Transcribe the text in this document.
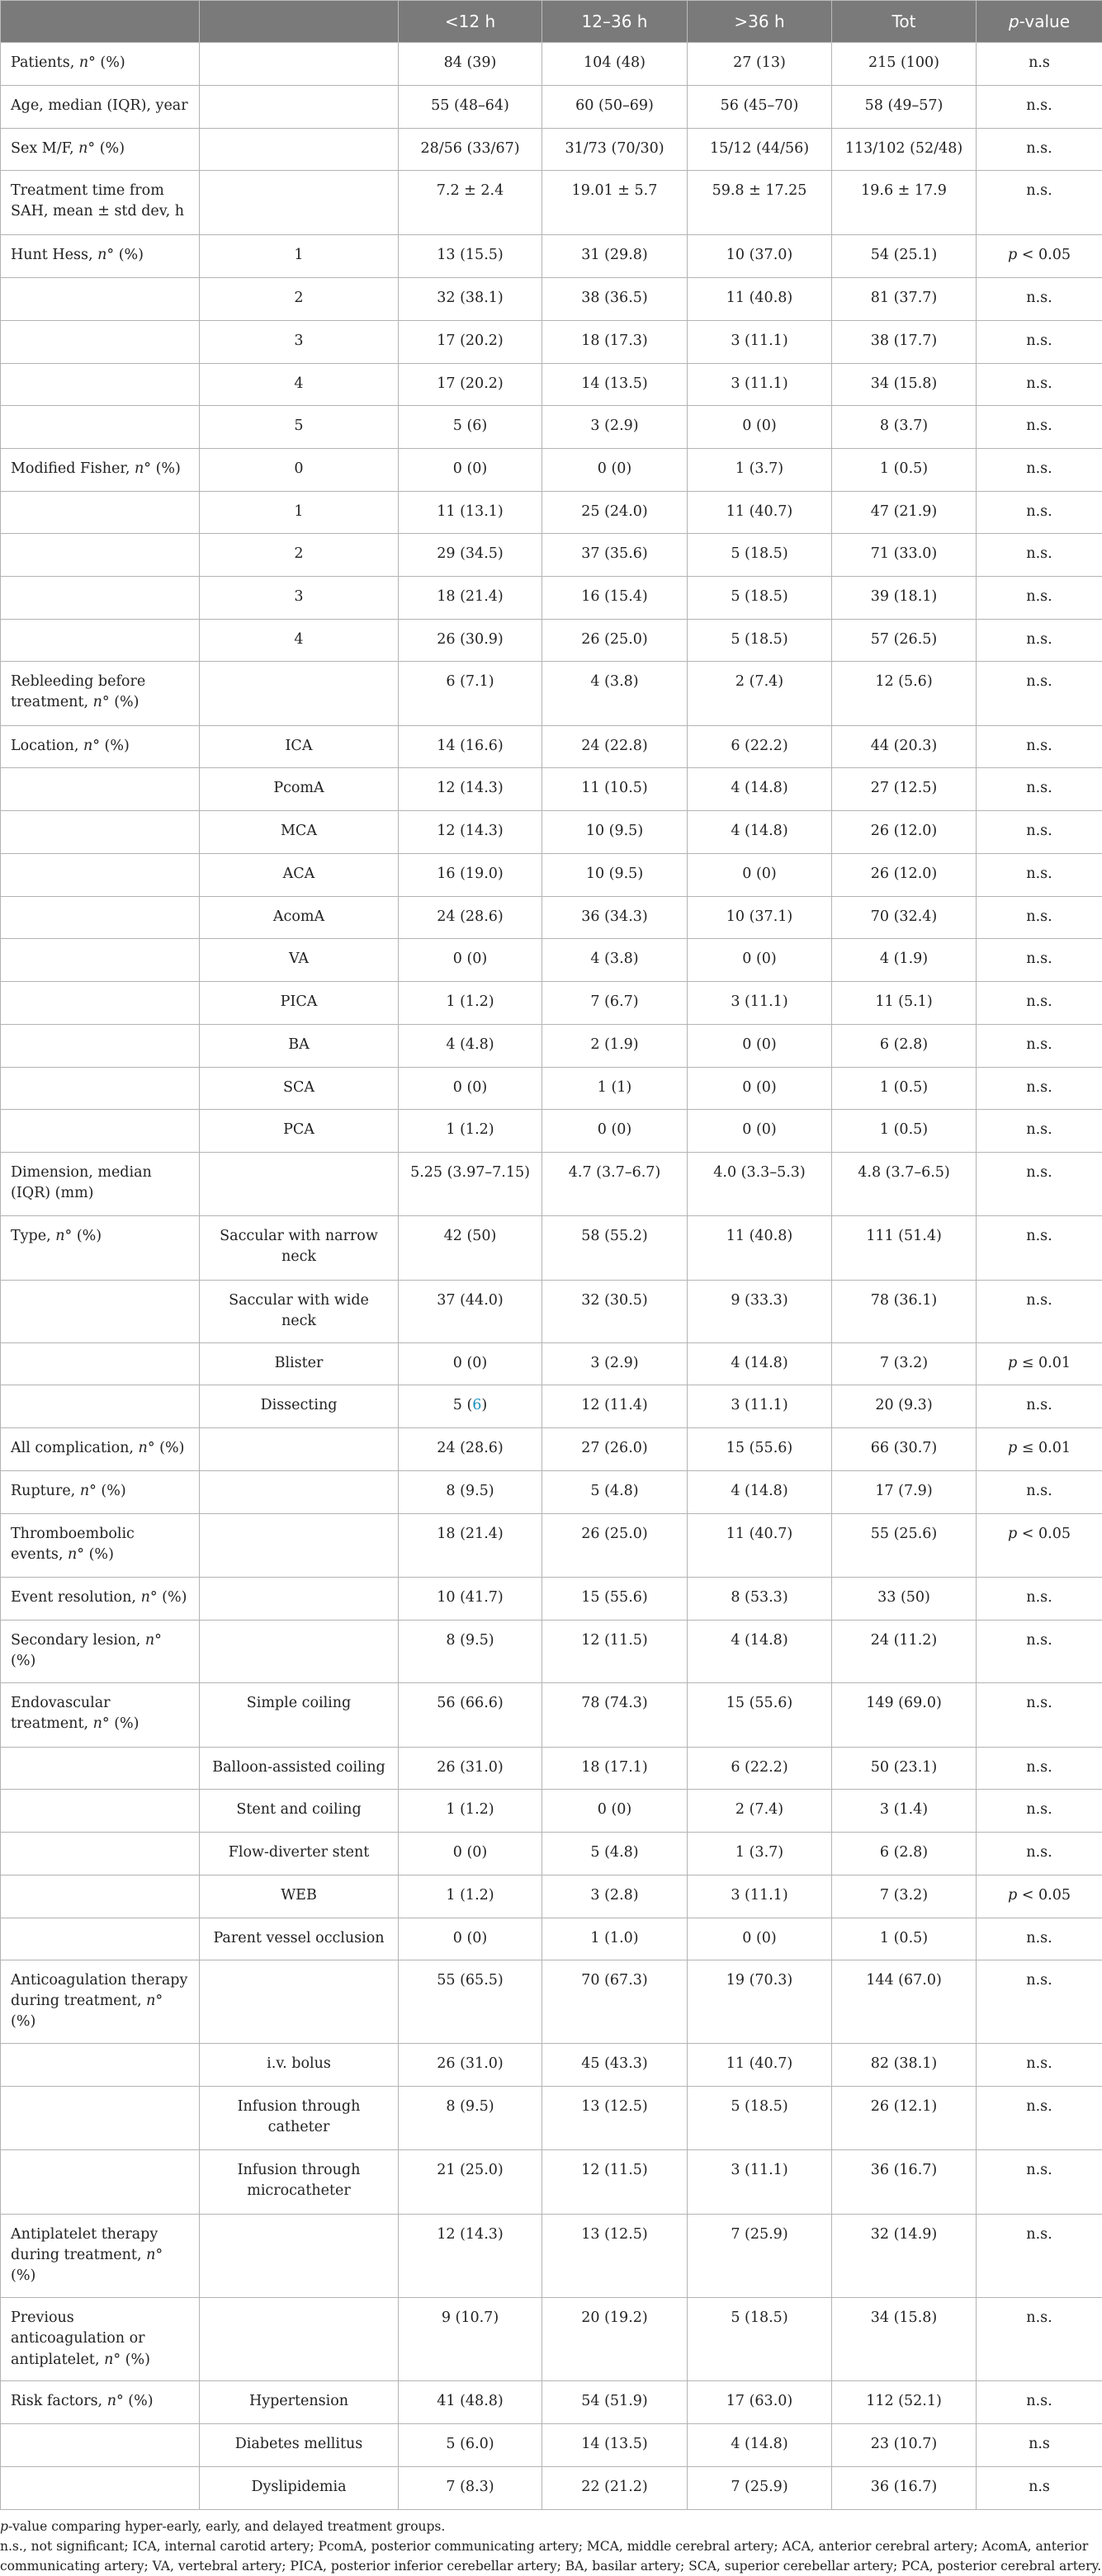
		<12 h	12–36 h	>36 h	Tot	p-value
Patients, n° (%)		84 (39)	104 (48)	27 (13)	215 (100)	n.s
Age, median (IQR), year		55 (48–64)	60 (50–69)	56 (45–70)	58 (49–57)	n.s.
Sex M/F, n° (%)		28/56 (33/67)	31/73 (70/30)	15/12 (44/56)	113/102 (52/48)	n.s.
Treatment time from SAH, mean ± std dev, h		7.2 ± 2.4	19.01 ± 5.7	59.8 ± 17.25	19.6 ± 17.9	n.s.
Hunt Hess, n° (%)	1	13 (15.5)	31 (29.8)	10 (37.0)	54 (25.1)	p < 0.05
	2	32 (38.1)	38 (36.5)	11 (40.8)	81 (37.7)	n.s.
	3	17 (20.2)	18 (17.3)	3 (11.1)	38 (17.7)	n.s.
	4	17 (20.2)	14 (13.5)	3 (11.1)	34 (15.8)	n.s.
	5	5 (6)	3 (2.9)	0 (0)	8 (3.7)	n.s.
Modified Fisher, n° (%)	0	0 (0)	0 (0)	1 (3.7)	1 (0.5)	n.s.
	1	11 (13.1)	25 (24.0)	11 (40.7)	47 (21.9)	n.s.
	2	29 (34.5)	37 (35.6)	5 (18.5)	71 (33.0)	n.s.
	3	18 (21.4)	16 (15.4)	5 (18.5)	39 (18.1)	n.s.
	4	26 (30.9)	26 (25.0)	5 (18.5)	57 (26.5)	n.s.
Rebleeding before treatment, n° (%)		6 (7.1)	4 (3.8)	2 (7.4)	12 (5.6)	n.s.
Location, n° (%)	ICA	14 (16.6)	24 (22.8)	6 (22.2)	44 (20.3)	n.s.
	PcomA	12 (14.3)	11 (10.5)	4 (14.8)	27 (12.5)	n.s.
	MCA	12 (14.3)	10 (9.5)	4 (14.8)	26 (12.0)	n.s.
	ACA	16 (19.0)	10 (9.5)	0 (0)	26 (12.0)	n.s.
	AcomA	24 (28.6)	36 (34.3)	10 (37.1)	70 (32.4)	n.s.
	VA	0 (0)	4 (3.8)	0 (0)	4 (1.9)	n.s.
	PICA	1 (1.2)	7 (6.7)	3 (11.1)	11 (5.1)	n.s.
	BA	4 (4.8)	2 (1.9)	0 (0)	6 (2.8)	n.s.
	SCA	0 (0)	1 (1)	0 (0)	1 (0.5)	n.s.
	PCA	1 (1.2)	0 (0)	0 (0)	1 (0.5)	n.s.
Dimension, median (IQR) (mm)		5.25 (3.97–7.15)	4.7 (3.7–6.7)	4.0 (3.3–5.3)	4.8 (3.7–6.5)	n.s.
Type, n° (%)	Saccular with narrow neck	42 (50)	58 (55.2)	11 (40.8)	111 (51.4)	n.s.
	Saccular with wide neck	37 (44.0)	32 (30.5)	9 (33.3)	78 (36.1)	n.s.
	Blister	0 (0)	3 (2.9)	4 (14.8)	7 (3.2)	p ≤ 0.01
	Dissecting	5 (6)	12 (11.4)	3 (11.1)	20 (9.3)	n.s.
All complication, n° (%)		24 (28.6)	27 (26.0)	15 (55.6)	66 (30.7)	p ≤ 0.01
Rupture, n° (%)		8 (9.5)	5 (4.8)	4 (14.8)	17 (7.9)	n.s.
Thromboembolic events, n° (%)		18 (21.4)	26 (25.0)	11 (40.7)	55 (25.6)	p < 0.05
Event resolution, n° (%)		10 (41.7)	15 (55.6)	8 (53.3)	33 (50)	n.s.
Secondary lesion, n° (%)		8 (9.5)	12 (11.5)	4 (14.8)	24 (11.2)	n.s.
Endovascular treatment, n° (%)	Simple coiling	56 (66.6)	78 (74.3)	15 (55.6)	149 (69.0)	n.s.
	Balloon-assisted coiling	26 (31.0)	18 (17.1)	6 (22.2)	50 (23.1)	n.s.
	Stent and coiling	1 (1.2)	0 (0)	2 (7.4)	3 (1.4)	n.s.
	Flow-diverter stent	0 (0)	5 (4.8)	1 (3.7)	6 (2.8)	n.s.
	WEB	1 (1.2)	3 (2.8)	3 (11.1)	7 (3.2)	p < 0.05
	Parent vessel occlusion	0 (0)	1 (1.0)	0 (0)	1 (0.5)	n.s.
Anticoagulation therapy during treatment, n° (%)		55 (65.5)	70 (67.3)	19 (70.3)	144 (67.0)	n.s.
	i.v. bolus	26 (31.0)	45 (43.3)	11 (40.7)	82 (38.1)	n.s.
	Infusion through catheter	8 (9.5)	13 (12.5)	5 (18.5)	26 (12.1)	n.s.
	Infusion through microcatheter	21 (25.0)	12 (11.5)	3 (11.1)	36 (16.7)	n.s.
Antiplatelet therapy during treatment, n° (%)		12 (14.3)	13 (12.5)	7 (25.9)	32 (14.9)	n.s.
Previous anticoagulation or antiplatelet, n° (%)		9 (10.7)	20 (19.2)	5 (18.5)	34 (15.8)	n.s.
Risk factors, n° (%)	Hypertension	41 (48.8)	54 (51.9)	17 (63.0)	112 (52.1)	n.s.
	Diabetes mellitus	5 (6.0)	14 (13.5)	4 (14.8)	23 (10.7)	n.s
	Dyslipidemia	7 (8.3)	22 (21.2)	7 (25.9)	36 (16.7)	n.s
p-value comparing hyper-early, early, and delayed treatment groups.
n.s., not significant; ICA, internal carotid artery; PcomA, posterior communicating artery; MCA, middle cerebral artery; ACA, anterior cerebral artery; AcomA, anterior communicating artery; VA, vertebral artery; PICA, posterior inferior cerebellar artery; BA, basilar artery; SCA, superior cerebellar artery; PCA, posterior cerebral artery.
